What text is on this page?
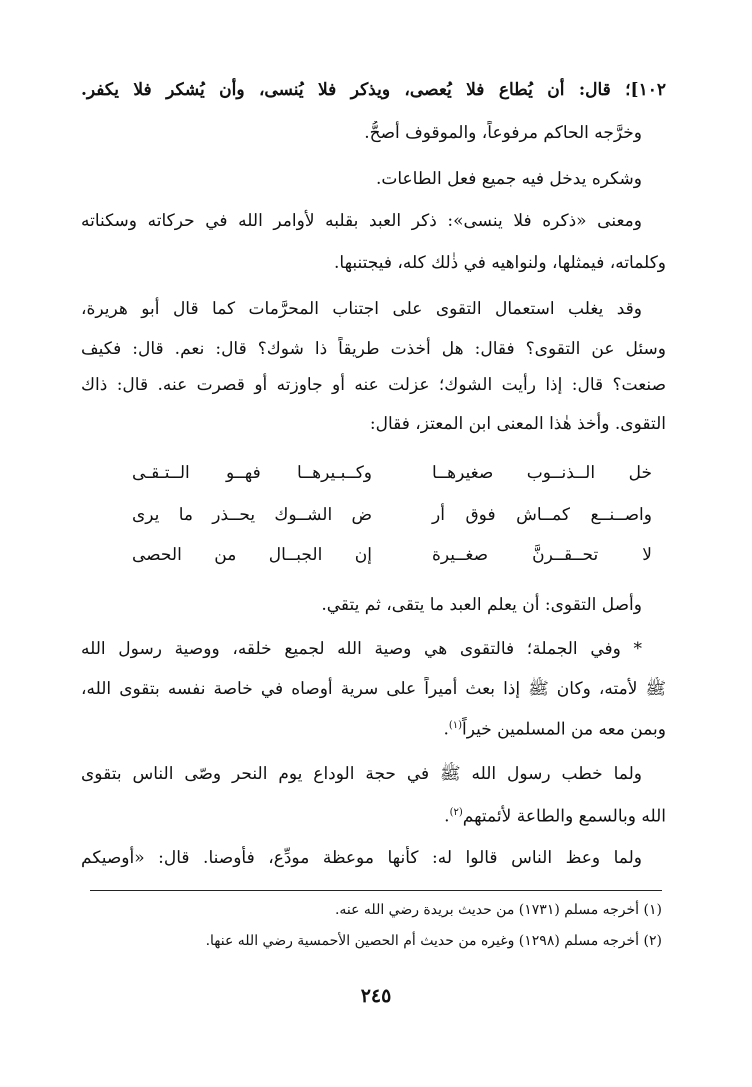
١٠٢]؛ قال: أن يُطاع فلا يُعصى، ويذكر فلا يُنسى، وأن يُشكر فلا يكفر.
وخرَّجه الحاكم مرفوعاً، والموقوف أصحُّ.
وشكره يدخل فيه جميع فعل الطاعات.
ومعنى «ذكره فلا ينسى»: ذكر العبد بقلبه لأوامر الله في حركاته وسكناته
وكلماته، فيمثلها، ولنواهيه في ذٰلك كله، فيجتنبها.
وقد يغلب استعمال التقوى على اجتناب المحرَّمات كما قال أبو هريرة،
وسئل عن التقوى؟ فقال: هل أخذت طريقاً ذا شوك؟ قال: نعم. قال: فكيف
صنعت؟ قال: إذا رأيت الشوك؛ عزلت عنه أو جاوزته أو قصرت عنه. قال: ذاك
التقوى. وأخذ هٰذا المعنى ابن المعتز، فقال:
خل الــذنــوب صغيرهــا
وكــبـيرهــا فهــو الــتـقـى
واصــنــع كمــاش فوق أر
ض الشــوك يحــذر ما يرى
لا تحــقــرنَّ صغــيرة
إن الجبــال من الحصى
وأصل التقوى: أن يعلم العبد ما يتقى، ثم يتقي.
* وفي الجملة؛ فالتقوى هي وصية الله لجميع خلقه، ووصية رسول الله
ﷺ لأمته، وكان ﷺ إذا بعث أميراً على سرية أوصاه في خاصة نفسه بتقوى الله،
وبمن معه من المسلمين خيراً$^{(١)}$.
ولما خطب رسول الله ﷺ في حجة الوداع يوم النحر وصّى الناس بتقوى
الله وبالسمع والطاعة لأئمتهم$^{(٢)}$.
ولما وعظ الناس قالوا له: كأنها موعظة مودِّع، فأوصنا. قال: «أوصيكم
(١) أخرجه مسلم (١٧٣١) من حديث بريدة رضي الله عنه.
(٢) أخرجه مسلم (١٢٩٨) وغيره من حديث أم الحصين الأحمسية رضي الله عنها.
٢٤٥
